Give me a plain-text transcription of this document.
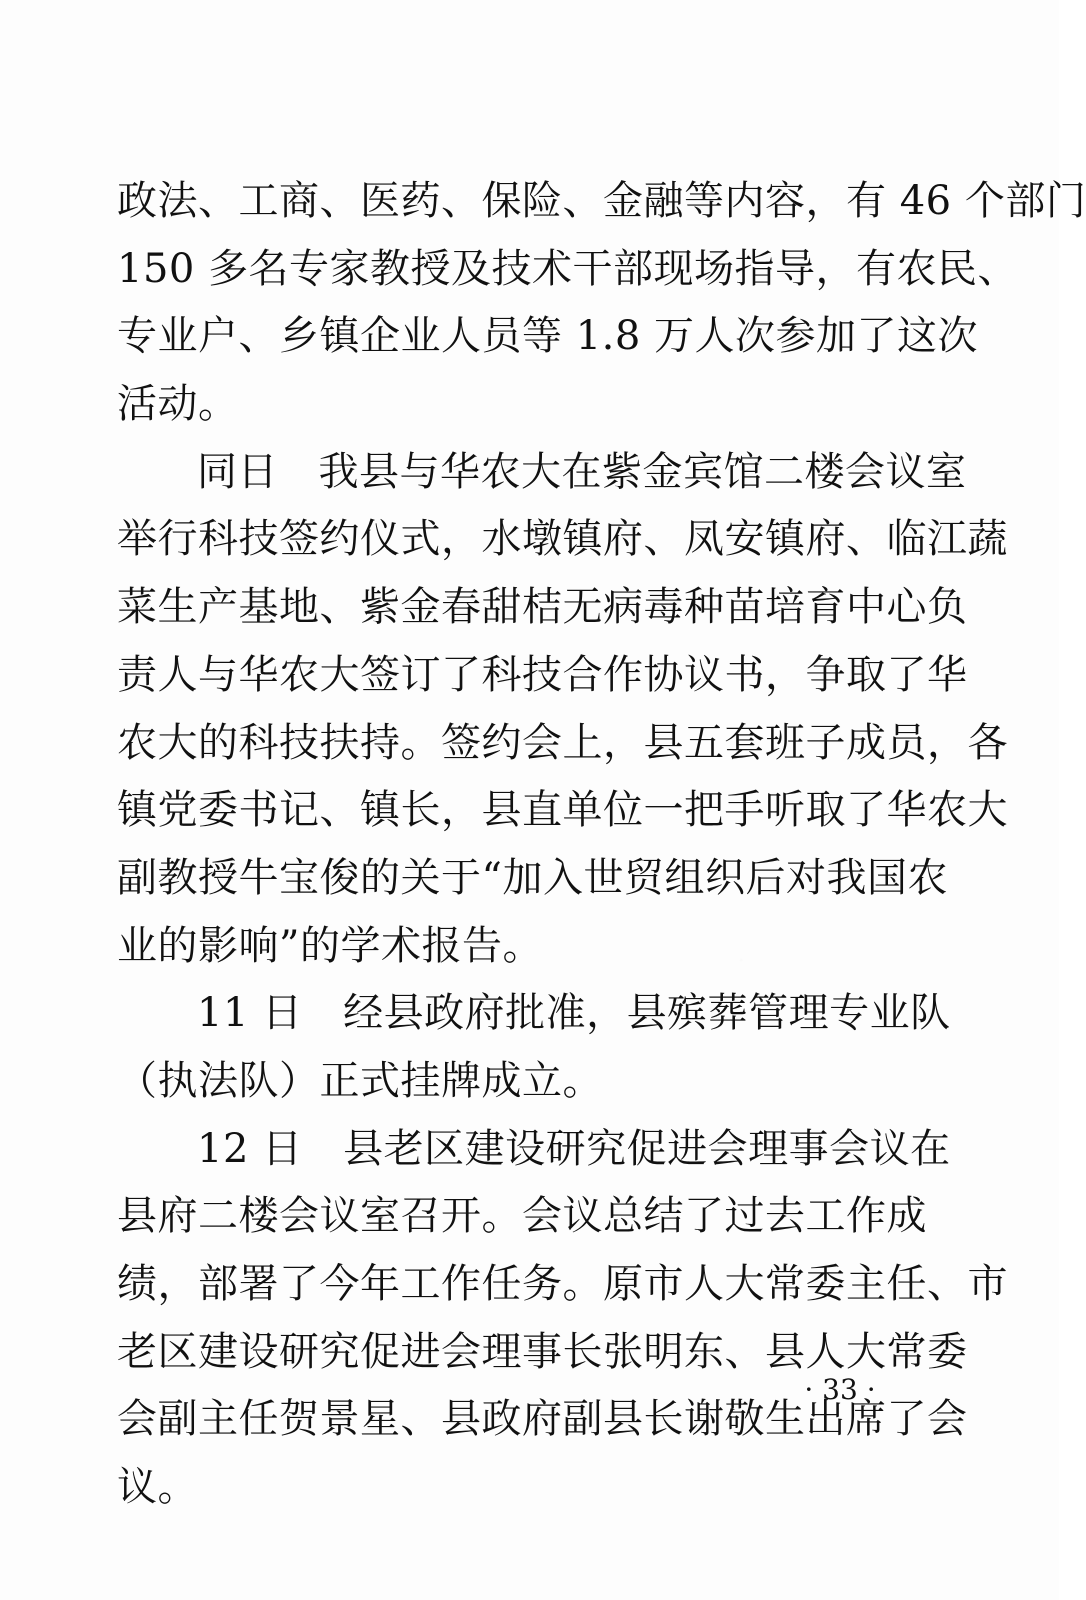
政法、工商、医药、保险、金融等内容，有 46 个部门
150 多名专家教授及技术干部现场指导，有农民、
专业户、乡镇企业人员等 1.8 万人次参加了这次
活动。
同日　我县与华农大在紫金宾馆二楼会议室
举行科技签约仪式，水墩镇府、凤安镇府、临江蔬
菜生产基地、紫金春甜桔无病毒种苗培育中心负
责人与华农大签订了科技合作协议书，争取了华
农大的科技扶持。签约会上，县五套班子成员，各
镇党委书记、镇长，县直单位一把手听取了华农大
副教授牛宝俊的关于“加入世贸组织后对我国农
业的影响”的学术报告。
11 日　经县政府批准，县殡葬管理专业队
（执法队）正式挂牌成立。
12 日　县老区建设研究促进会理事会议在
县府二楼会议室召开。会议总结了过去工作成
绩，部署了今年工作任务。原市人大常委主任、市
老区建设研究促进会理事长张明东、县人大常委
会副主任贺景星、县政府副县长谢敬生出席了会
议。
· 33 ·
